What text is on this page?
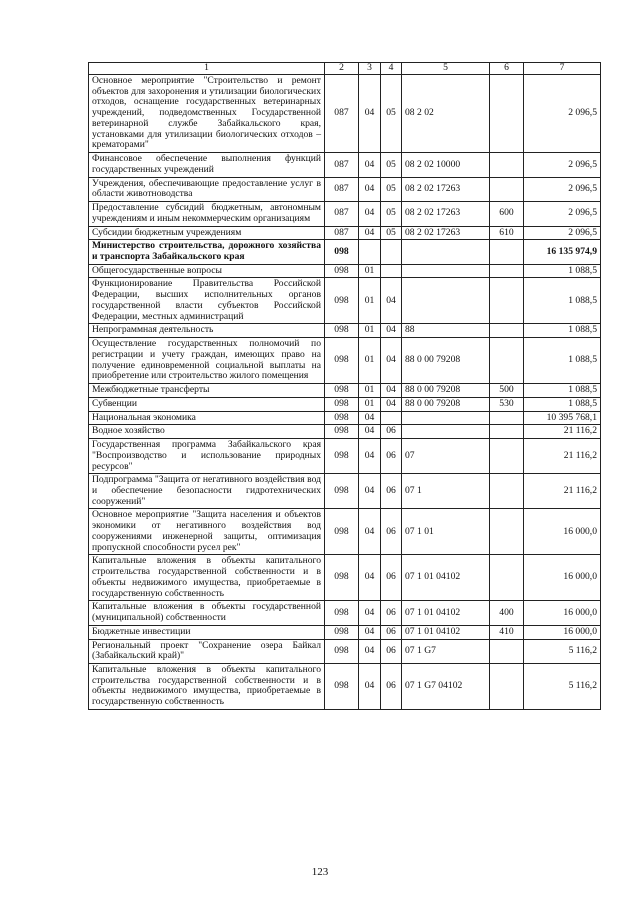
1	2	3	4	5	6	7
Основное мероприятие "Строительство и ремонт объектов для захоронения и утилизации биологических отходов, оснащение государственных ветеринарных учреждений, подведомственных Государственной ветеринарной службе Забайкальского края, установками для утилизации биологических отходов – крематорами"	087	04	05	08 2 02		2 096,5
Финансовое обеспечение выполнения функций государственных учреждений	087	04	05	08 2 02 10000		2 096,5
Учреждения, обеспечивающие предоставление услуг в области животноводства	087	04	05	08 2 02 17263		2 096,5
Предоставление субсидий бюджетным, автономным учреждениям и иным некоммерческим организациям	087	04	05	08 2 02 17263	600	2 096,5
Субсидии бюджетным учреждениям	087	04	05	08 2 02 17263	610	2 096,5
Министерство строительства, дорожного хозяйства и транспорта Забайкальского края	098					16 135 974,9
Общегосударственные вопросы	098	01				1 088,5
Функционирование Правительства Российской Федерации, высших исполнительных органов государственной власти субъектов Российской Федерации, местных администраций	098	01	04			1 088,5
Непрограммная деятельность	098	01	04	88		1 088,5
Осуществление государственных полномочий по регистрации и учету граждан, имеющих право на получение единовременной социальной выплаты на приобретение или строительство жилого помещения	098	01	04	88 0 00 79208		1 088,5
Межбюджетные трансферты	098	01	04	88 0 00 79208	500	1 088,5
Субвенции	098	01	04	88 0 00 79208	530	1 088,5
Национальная экономика	098	04				10 395 768,1
Водное хозяйство	098	04	06			21 116,2
Государственная программа Забайкальского края "Воспроизводство и использование природных ресурсов"	098	04	06	07		21 116,2
Подпрограмма "Защита от негативного воздействия вод и обеспечение безопасности гидротехнических сооружений"	098	04	06	07 1		21 116,2
Основное мероприятие "Защита населения и объектов экономики от негативного воздействия вод сооружениями инженерной защиты, оптимизация пропускной способности русел рек"	098	04	06	07 1 01		16 000,0
Капитальные вложения в объекты капитального строительства государственной собственности и в объекты недвижимого имущества, приобретаемые в государственную собственность	098	04	06	07 1 01 04102		16 000,0
Капитальные вложения в объекты государственной (муниципальной) собственности	098	04	06	07 1 01 04102	400	16 000,0
Бюджетные инвестиции	098	04	06	07 1 01 04102	410	16 000,0
Региональный проект "Сохранение озера Байкал (Забайкальский край)"	098	04	06	07 1 G7		5 116,2
Капитальные вложения в объекты капитального строительства государственной собственности и в объекты недвижимого имущества, приобретаемые в государственную собственность	098	04	06	07 1 G7 04102		5 116,2
123
